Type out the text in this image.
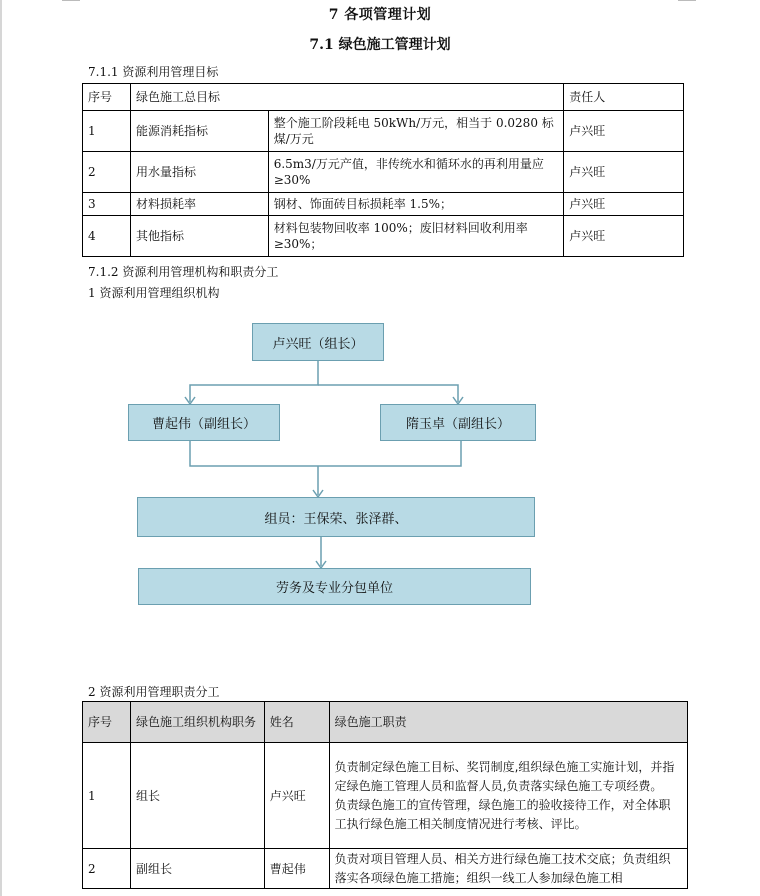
7 各项管理计划
7.1 绿色施工管理计划
7.1.1 资源利用管理目标
序号	绿色施工总目标		责任人
1	能源消耗指标	整个施工阶段耗电 50kWh/万元，相当于 0.0280 标煤/万元	卢兴旺
2	用水量指标	6.5m3/万元产值，非传统水和循环水的再利用量应≥30%	卢兴旺
3	材料损耗率	钢材、饰面砖目标损耗率 1.5%；	卢兴旺
4	其他指标	材料包装物回收率 100%；废旧材料回收利用率≥30%；	卢兴旺
7.1.2 资源利用管理机构和职责分工
1 资源利用管理组织机构
卢兴旺（组长）
曹起伟（副组长）	隋玉卓（副组长）
组员：王保荣、张泽群、
劳务及专业分包单位
2 资源利用管理职责分工
序号	绿色施工组织机构职务	姓名	绿色施工职责
1	组长	卢兴旺	负责制定绿色施工目标、奖罚制度,组织绿色施工实施计划，并指定绿色施工管理人员和监督人员,负责落实绿色施工专项经费。
负责绿色施工的宣传管理，绿色施工的验收接待工作，对全体职工执行绿色施工相关制度情况进行考核、评比。

2	副组长	曹起伟	负责对项目管理人员、相关方进行绿色施工技术交底；负责组织落实各项绿色施工措施；组织一线工人参加绿色施工相
